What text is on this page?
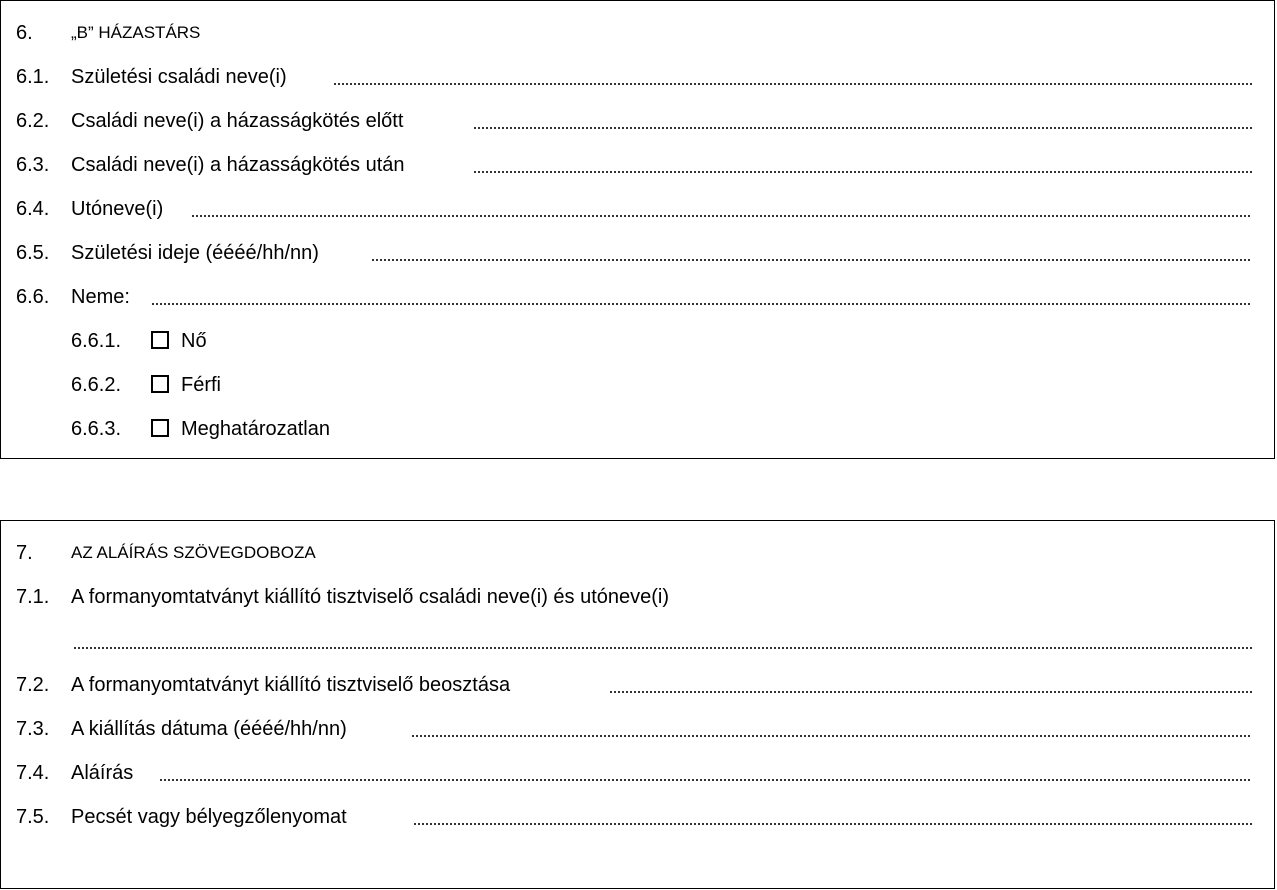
6. „B” HÁZASTÁRS
6.1. Születési családi neve(i)
6.2. Családi neve(i) a házasságkötés előtt
6.3. Családi neve(i) a házasságkötés után
6.4. Utóneve(i)
6.5. Születési ideje (éééé/hh/nn)
6.6. Neme:
6.6.1.	Nő
6.6.2.	Férfi
6.6.3.	Meghatározatlan
7. AZ ALÁÍRÁS SZÖVEGDOBOZA
7.1. A formanyomtatványt kiállító tisztviselő családi neve(i) és utóneve(i)
7.2. A formanyomtatványt kiállító tisztviselő beosztása
7.3. A kiállítás dátuma (éééé/hh/nn)
7.4. Aláírás
7.5. Pecsét vagy bélyegzőlenyomat
